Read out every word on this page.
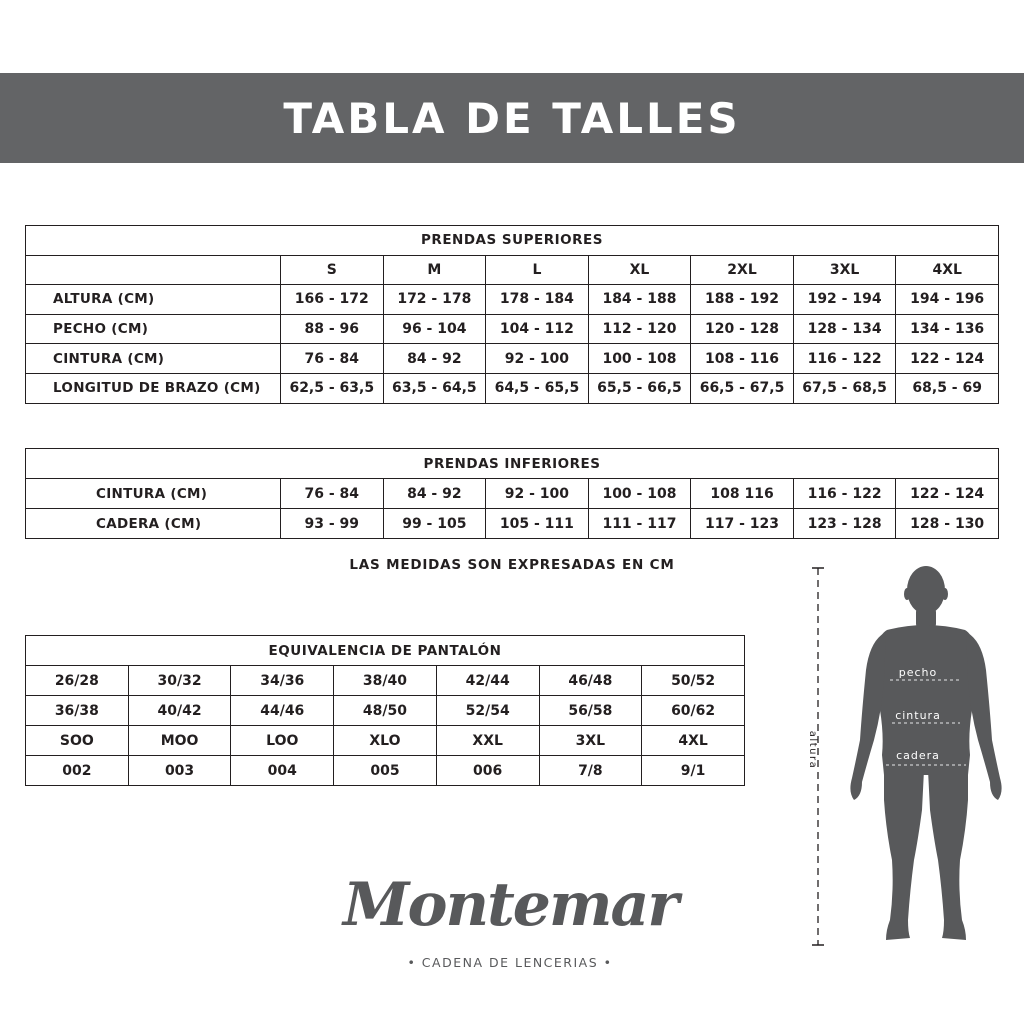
TABLA DE TALLES
PRENDAS SUPERIORES							
	S	M	L	XL	2XL	3XL	4XL
ALTURA (CM)	166 - 172	172 - 178	178 - 184	184 - 188	188 - 192	192 - 194	194 - 196
PECHO (CM)	88 - 96	96 - 104	104 - 112	112 - 120	120 - 128	128 - 134	134 - 136
CINTURA (CM)	76 - 84	84 - 92	92 - 100	100 - 108	108 - 116	116 - 122	122 - 124
LONGITUD DE BRAZO (CM)	62,5 - 63,5	63,5 - 64,5	64,5 - 65,5	65,5 - 66,5	66,5 - 67,5	67,5 - 68,5	68,5 - 69
PRENDAS INFERIORES							
CINTURA (CM)	76 - 84	84 - 92	92 - 100	100 - 108	108 116	116 - 122	122 - 124
CADERA (CM)	93 - 99	99 - 105	105 - 111	111 - 117	117 - 123	123 - 128	128 - 130
LAS MEDIDAS SON EXPRESADAS EN CM
EQUIVALENCIA DE PANTALÓN						
26/28	30/32	34/36	38/40	42/44	46/48	50/52
36/38	40/42	44/46	48/50	52/54	56/58	60/62
SOO	MOO	LOO	XLO	XXL	3XL	4XL
002	003	004	005	006	7/8	9/1
altura
pecho
cintura
cadera
Montemar
• CADENA DE LENCERIAS •
